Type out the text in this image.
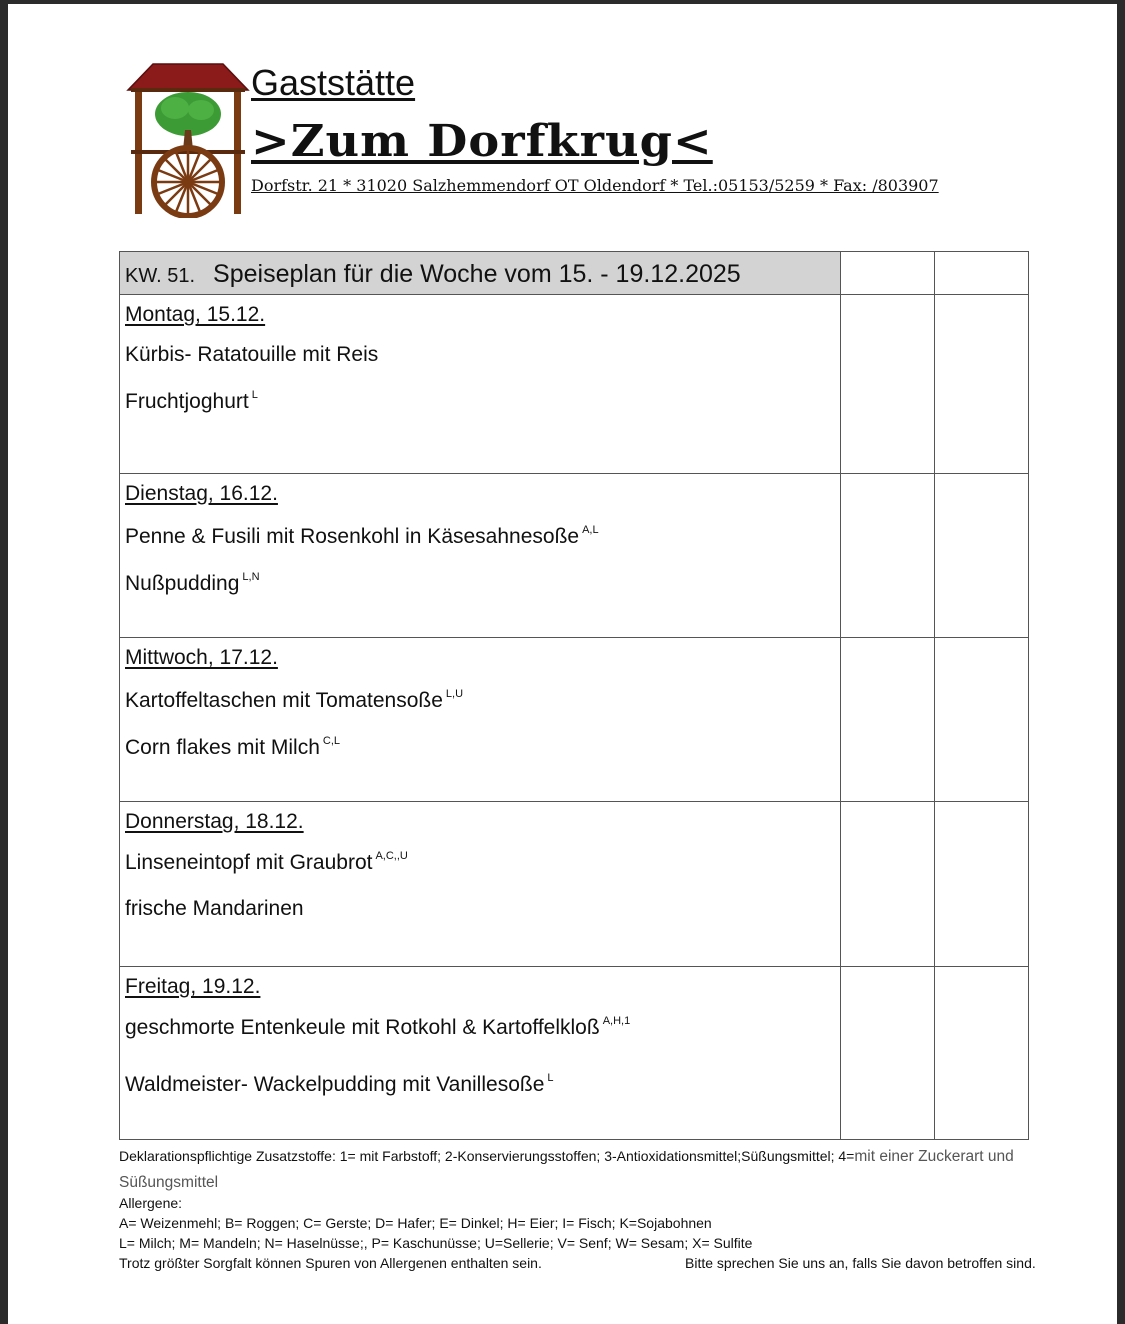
Gaststätte
>Zum Dorfkrug<
Dorfstr. 21 * 31020 Salzhemmendorf OT Oldendorf * Tel.:05153/5259 * Fax: /803907
KW. 51. Speiseplan für die Woche vom 15. - 19.12.2025		

Montag, 15.12.
Kürbis- Ratatouille mit Reis
Fruchtjoghurt $^L$

Dienstag, 16.12.
Penne & Fusili mit Rosenkohl in Käsesahnesoße $^{A,L}$
Nußpudding $^{L,N}$

Mittwoch, 17.12.
Kartoffeltaschen mit Tomatensoße $^{L,U}$
Corn flakes mit Milch $^{C,L}$

Donnerstag, 18.12.
Linseneintopf mit Graubrot $^{A,C,,U}$
frische Mandarinen		

Freitag, 19.12.
geschmorte Entenkeule mit Rotkohl & Kartoffelkloß $^{A,H,1}$
Waldmeister- Wackelpudding mit Vanillesoße $^L$

Deklarationspflichtige Zusatzstoffe: 1= mit Farbstoff; 2-Konservierungsstoffen; 3-Antioxidationsmittel;Süßungsmittel; 4=mit einer Zuckerart und
Süßungsmittel
Allergene:
A= Weizenmehl; B= Roggen; C= Gerste; D= Hafer; E= Dinkel; H= Eier; I= Fisch; K=Sojabohnen
L= Milch; M= Mandeln; N= Haselnüsse;, P= Kaschunüsse; U=Sellerie; V= Senf; W= Sesam; X= Sulfite
Trotz größter Sorgfalt können Spuren von Allergenen enthalten sein.	Bitte sprechen Sie uns an, falls Sie davon betroffen sind.
